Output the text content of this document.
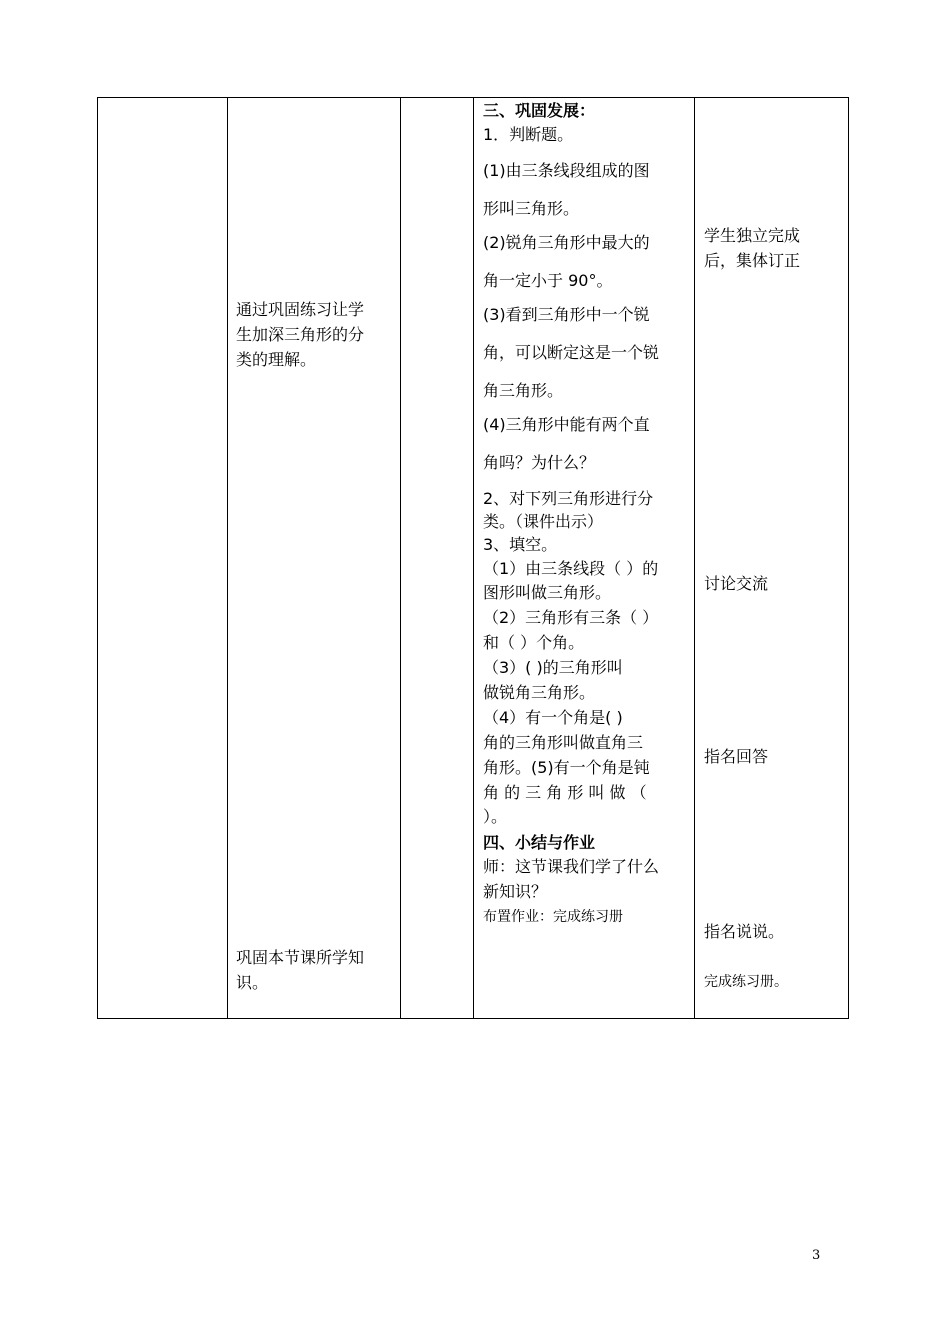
通过巩固练习让学
生加深三角形的分
类的理解。
巩固本节课所学知
识。
三、巩固发展：
1．判断题。
(1)由三条线段组成的图
形叫三角形。
(2)锐角三角形中最大的
角一定小于 90°。
(3)看到三角形中一个锐
角，可以断定这是一个锐
角三角形。
(4)三角形中能有两个直
角吗？为什么？
2、对下列三角形进行分
类。（课件出示）
3、填空。
（1）由三条线段（ ）的
图形叫做三角形。
（2）三角形有三条（ ）
和（ ）个角。
（3）( )的三角形叫
做锐角三角形。
（4）有一个角是( )
角的三角形叫做直角三
角形。(5)有一个角是钝
角 的 三 角 形 叫 做 （
）。
四、小结与作业
师：这节课我们学了什么
新知识？
布置作业：完成练习册
学生独立完成
后，集体订正
讨论交流
指名回答
指名说说。
完成练习册。
3
